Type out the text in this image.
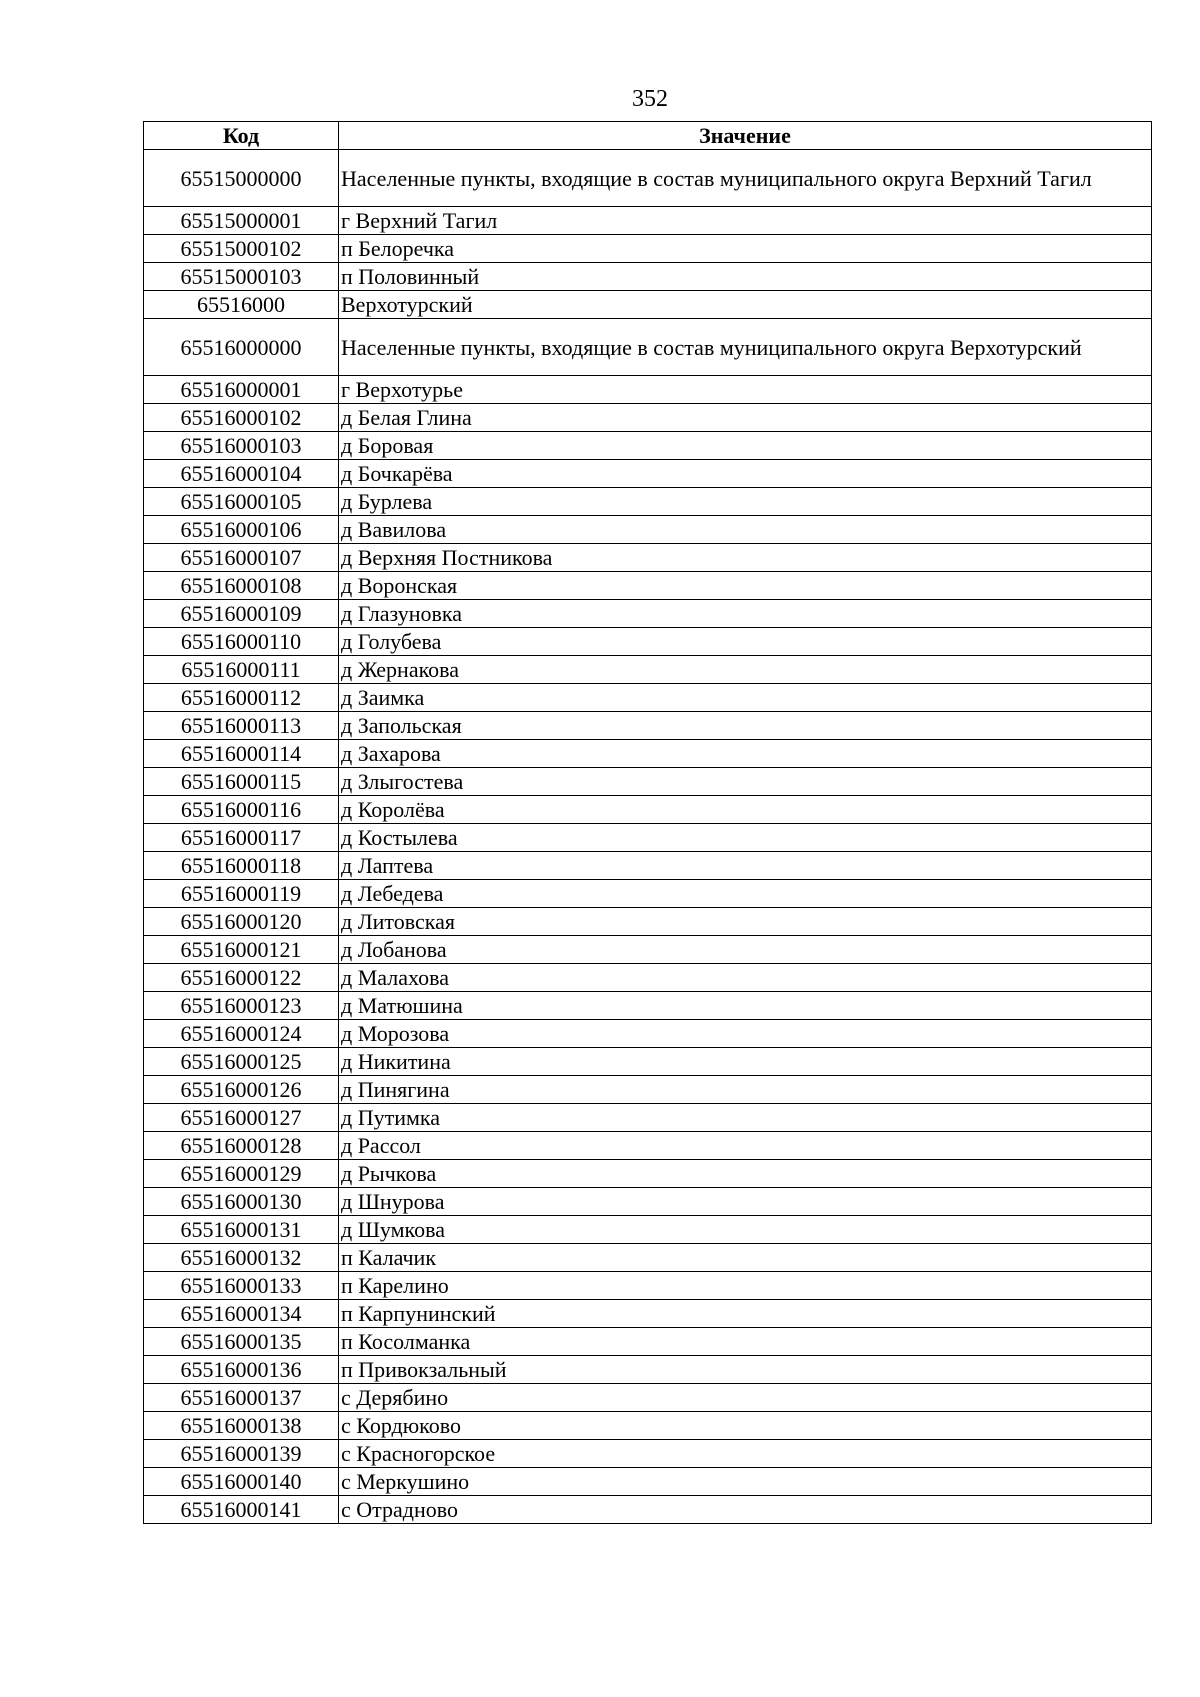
352
Код	Значение
65515000000	Населенные пункты, входящие в состав муниципального округа Верхний Тагил
65515000001	г Верхний Тагил
65515000102	п Белоречка
65515000103	п Половинный
65516000	Верхотурский
65516000000	Населенные пункты, входящие в состав муниципального округа Верхотурский
65516000001	г Верхотурье
65516000102	д Белая Глина
65516000103	д Боровая
65516000104	д Бочкарёва
65516000105	д Бурлева
65516000106	д Вавилова
65516000107	д Верхняя Постникова
65516000108	д Воронская
65516000109	д Глазуновка
65516000110	д Голубева
65516000111	д Жернакова
65516000112	д Заимка
65516000113	д Запольская
65516000114	д Захарова
65516000115	д Злыгостева
65516000116	д Королёва
65516000117	д Костылева
65516000118	д Лаптева
65516000119	д Лебедева
65516000120	д Литовская
65516000121	д Лобанова
65516000122	д Малахова
65516000123	д Матюшина
65516000124	д Морозова
65516000125	д Никитина
65516000126	д Пинягина
65516000127	д Путимка
65516000128	д Рассол
65516000129	д Рычкова
65516000130	д Шнурова
65516000131	д Шумкова
65516000132	п Калачик
65516000133	п Карелино
65516000134	п Карпунинский
65516000135	п Косолманка
65516000136	п Привокзальный
65516000137	с Дерябино
65516000138	с Кордюково
65516000139	с Красногорское
65516000140	с Меркушино
65516000141	с Отрадново
